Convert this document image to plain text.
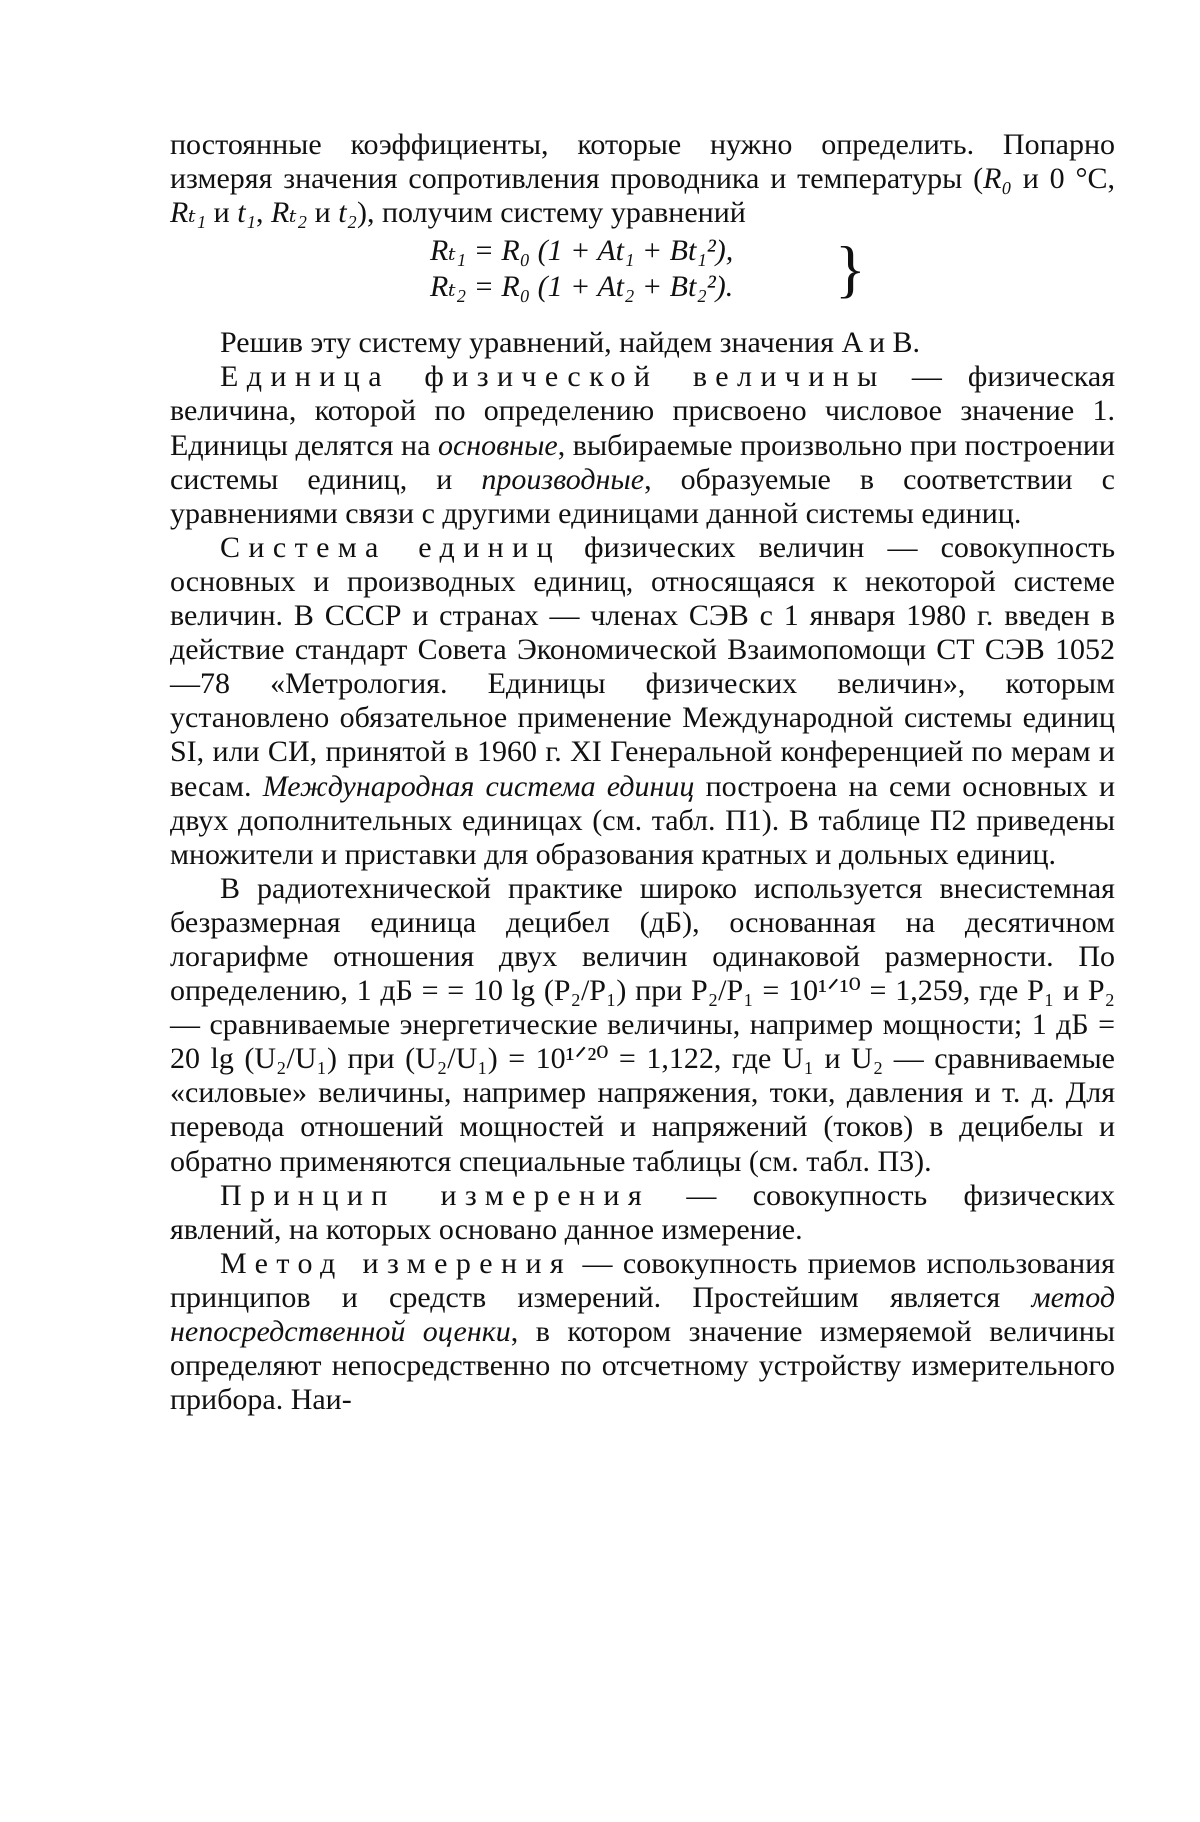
постоянные коэффициенты, которые нужно определить. Попарно измеряя значения сопротивления проводника и температуры (R₀ и 0 °С, Rₜ₁ и t₁, Rₜ₂ и t₂), получим систему уравнений

Rₜ₁ = R₀ (1 + At₁ + Bt₁²),
Rₜ₂ = R₀ (1 + At₂ + Bt₂²). }

Решив эту систему уравнений, найдем значения A и B.

Единица физической величины — физическая величина, которой по определению присвоено числовое значение 1. Единицы делятся на основные, выбираемые произвольно при построении системы единиц, и производные, образуемые в соответствии с уравнениями связи с другими единицами данной системы единиц.

Система единиц физических величин — совокупность основных и производных единиц, относящаяся к некоторой системе величин. В СССР и странах — членах СЭВ с 1 января 1980 г. введен в действие стандарт Совета Экономической Взаимопомощи СТ СЭВ 1052—78 «Метрология. Единицы физических величин», которым установлено обязательное применение Международной системы единиц SI, или СИ, принятой в 1960 г. XI Генеральной конференцией по мерам и весам. Международная система единиц построена на семи основных и двух дополнительных единицах (см. табл. П1). В таблице П2 приведены множители и приставки для образования кратных и дольных единиц.

В радиотехнической практике широко используется внесистемная безразмерная единица децибел (дБ), основанная на десятичном логарифме отношения двух величин одинаковой размерности. По определению, 1 дБ = = 10 lg (P₂/P₁) при P₂/P₁ = 10¹ᐟ¹⁰ = 1,259, где P₁ и P₂ — сравниваемые энергетические величины, например мощности; 1 дБ = 20 lg (U₂/U₁) при (U₂/U₁) = 10¹ᐟ²⁰ = 1,122, где U₁ и U₂ — сравниваемые «силовые» величины, например напряжения, токи, давления и т. д. Для перевода отношений мощностей и напряжений (токов) в децибелы и обратно применяются специальные таблицы (см. табл. П3).

Принцип измерения — совокупность физических явлений, на которых основано данное измерение.

Метод измерения — совокупность приемов использования принципов и средств измерений. Простейшим является метод непосредственной оценки, в котором значение измеряемой величины определяют непосредственно по отсчетному устройству измерительного прибора. Наи-
